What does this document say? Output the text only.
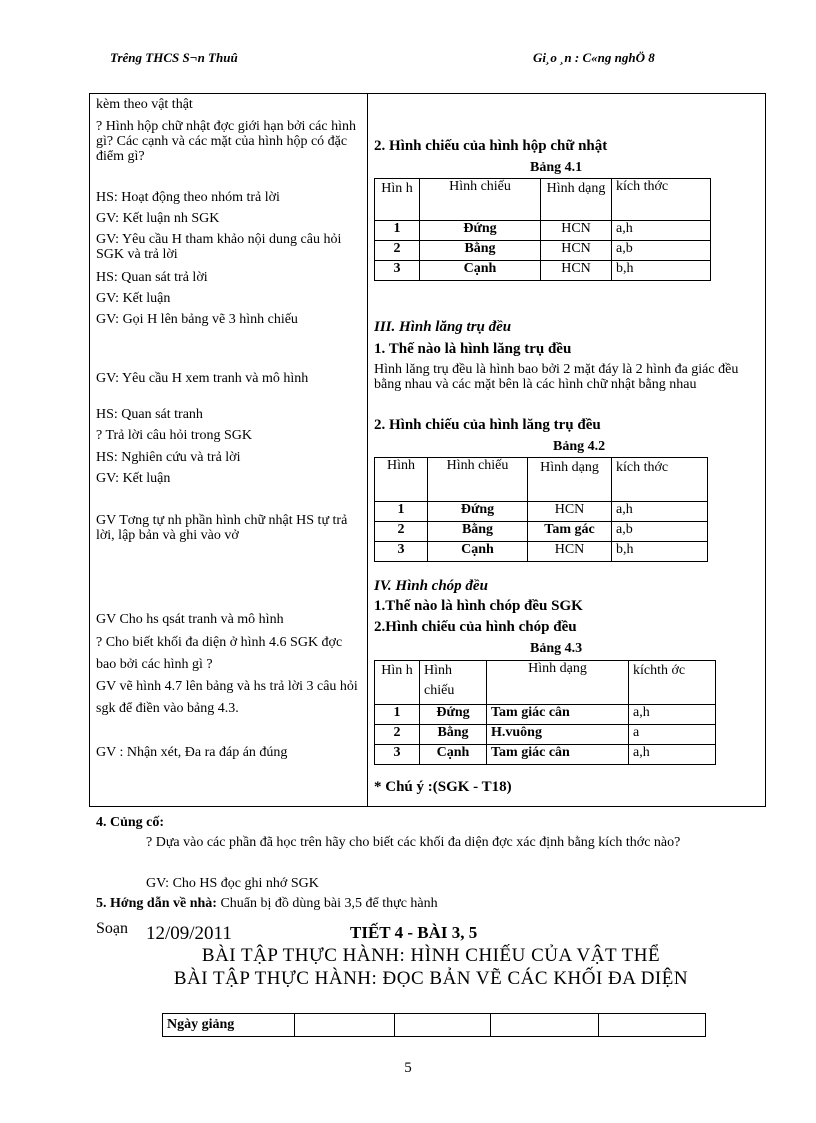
Trêng THCS S¬n Thuû	Gi¸o ¸n : C«ng nghÖ 8
kèm theo vật thật
? Hình hộp chữ nhật đợc giới hạn bởi các hình gì? Các cạnh và các mặt của hình hộp có đặc điểm gì?
HS: Hoạt động theo nhóm trả lời
GV: Kết luận nh SGK
GV: Yêu cầu H tham khảo nội dung câu hỏi SGK và trả lời
HS: Quan sát trả lời
GV: Kết luận
GV: Gọi H lên bảng vẽ 3 hình chiếu
GV: Yêu cầu H xem tranh và mô hình
HS: Quan sát tranh
? Trả lời câu hỏi trong SGK
HS: Nghiên cứu và trả lời
GV: Kết luận
GV Tơng tự nh phần hình chữ nhật HS tự trả lời, lập bản và ghi vào vở
GV Cho hs qsát tranh và mô hình
? Cho biết khối đa diện ở hình 4.6 SGK đợc bao bởi các hình gì ?
GV vẽ hình 4.7 lên bảng và hs trả lời 3 câu hỏi sgk để điền vào bảng 4.3.
GV : Nhận xét, Đa ra đáp án đúng
2. Hình chiếu của hình hộp chữ nhật
Bảng 4.1
Hìn h	Hình chiếu	Hình dạng	kích thớc
1	Đứng	HCN	a,h
2	Bằng	HCN	a,b
3	Cạnh	HCN	b,h
III. Hình lăng trụ đều
1. Thế nào là hình lăng trụ đều
Hình lăng trụ đều là hình bao bởi 2 mặt đáy là 2 hình đa giác đều bằng nhau và các mặt bên là các hình chữ nhật bằng nhau
2. Hình chiếu của hình lăng trụ đều
Bảng 4.2
Hình	Hình chiếu	Hình dạng	kích thớc
1	Đứng	HCN	a,h
2	Bằng	Tam gác	a,b
3	Cạnh	HCN	b,h
IV. Hình chóp đều
1.Thế nào là hình chóp đều SGK
2.Hình chiếu của hình chóp đều
Bảng 4.3
Hìn h	Hình chiếu	Hình dạng	kíchth ớc
1	Đứng	Tam giác cân	a,h
2	Bằng	H.vuông	a
3	Cạnh	Tam giác cân	a,h
* Chú ý :(SGK - T18)
4. Củng cố:
? Dựa vào các phần đã học trên hãy cho biết các khối đa diện đợc xác định bằng kích thớc nào?
GV: Cho HS đọc ghi nhớ SGK
5. Hớng dẫn về nhà: Chuẩn bị đồ dùng bài 3,5 để thực hành
Soạn 12/09/2011	TIẾT 4 - BÀI 3, 5
BÀI TẬP THỰC HÀNH: HÌNH CHIẾU CỦA VẬT THỂ
BÀI TẬP THỰC HÀNH: ĐỌC BẢN VẼ CÁC KHỐI ĐA DIỆN
Ngày giảng				
5
